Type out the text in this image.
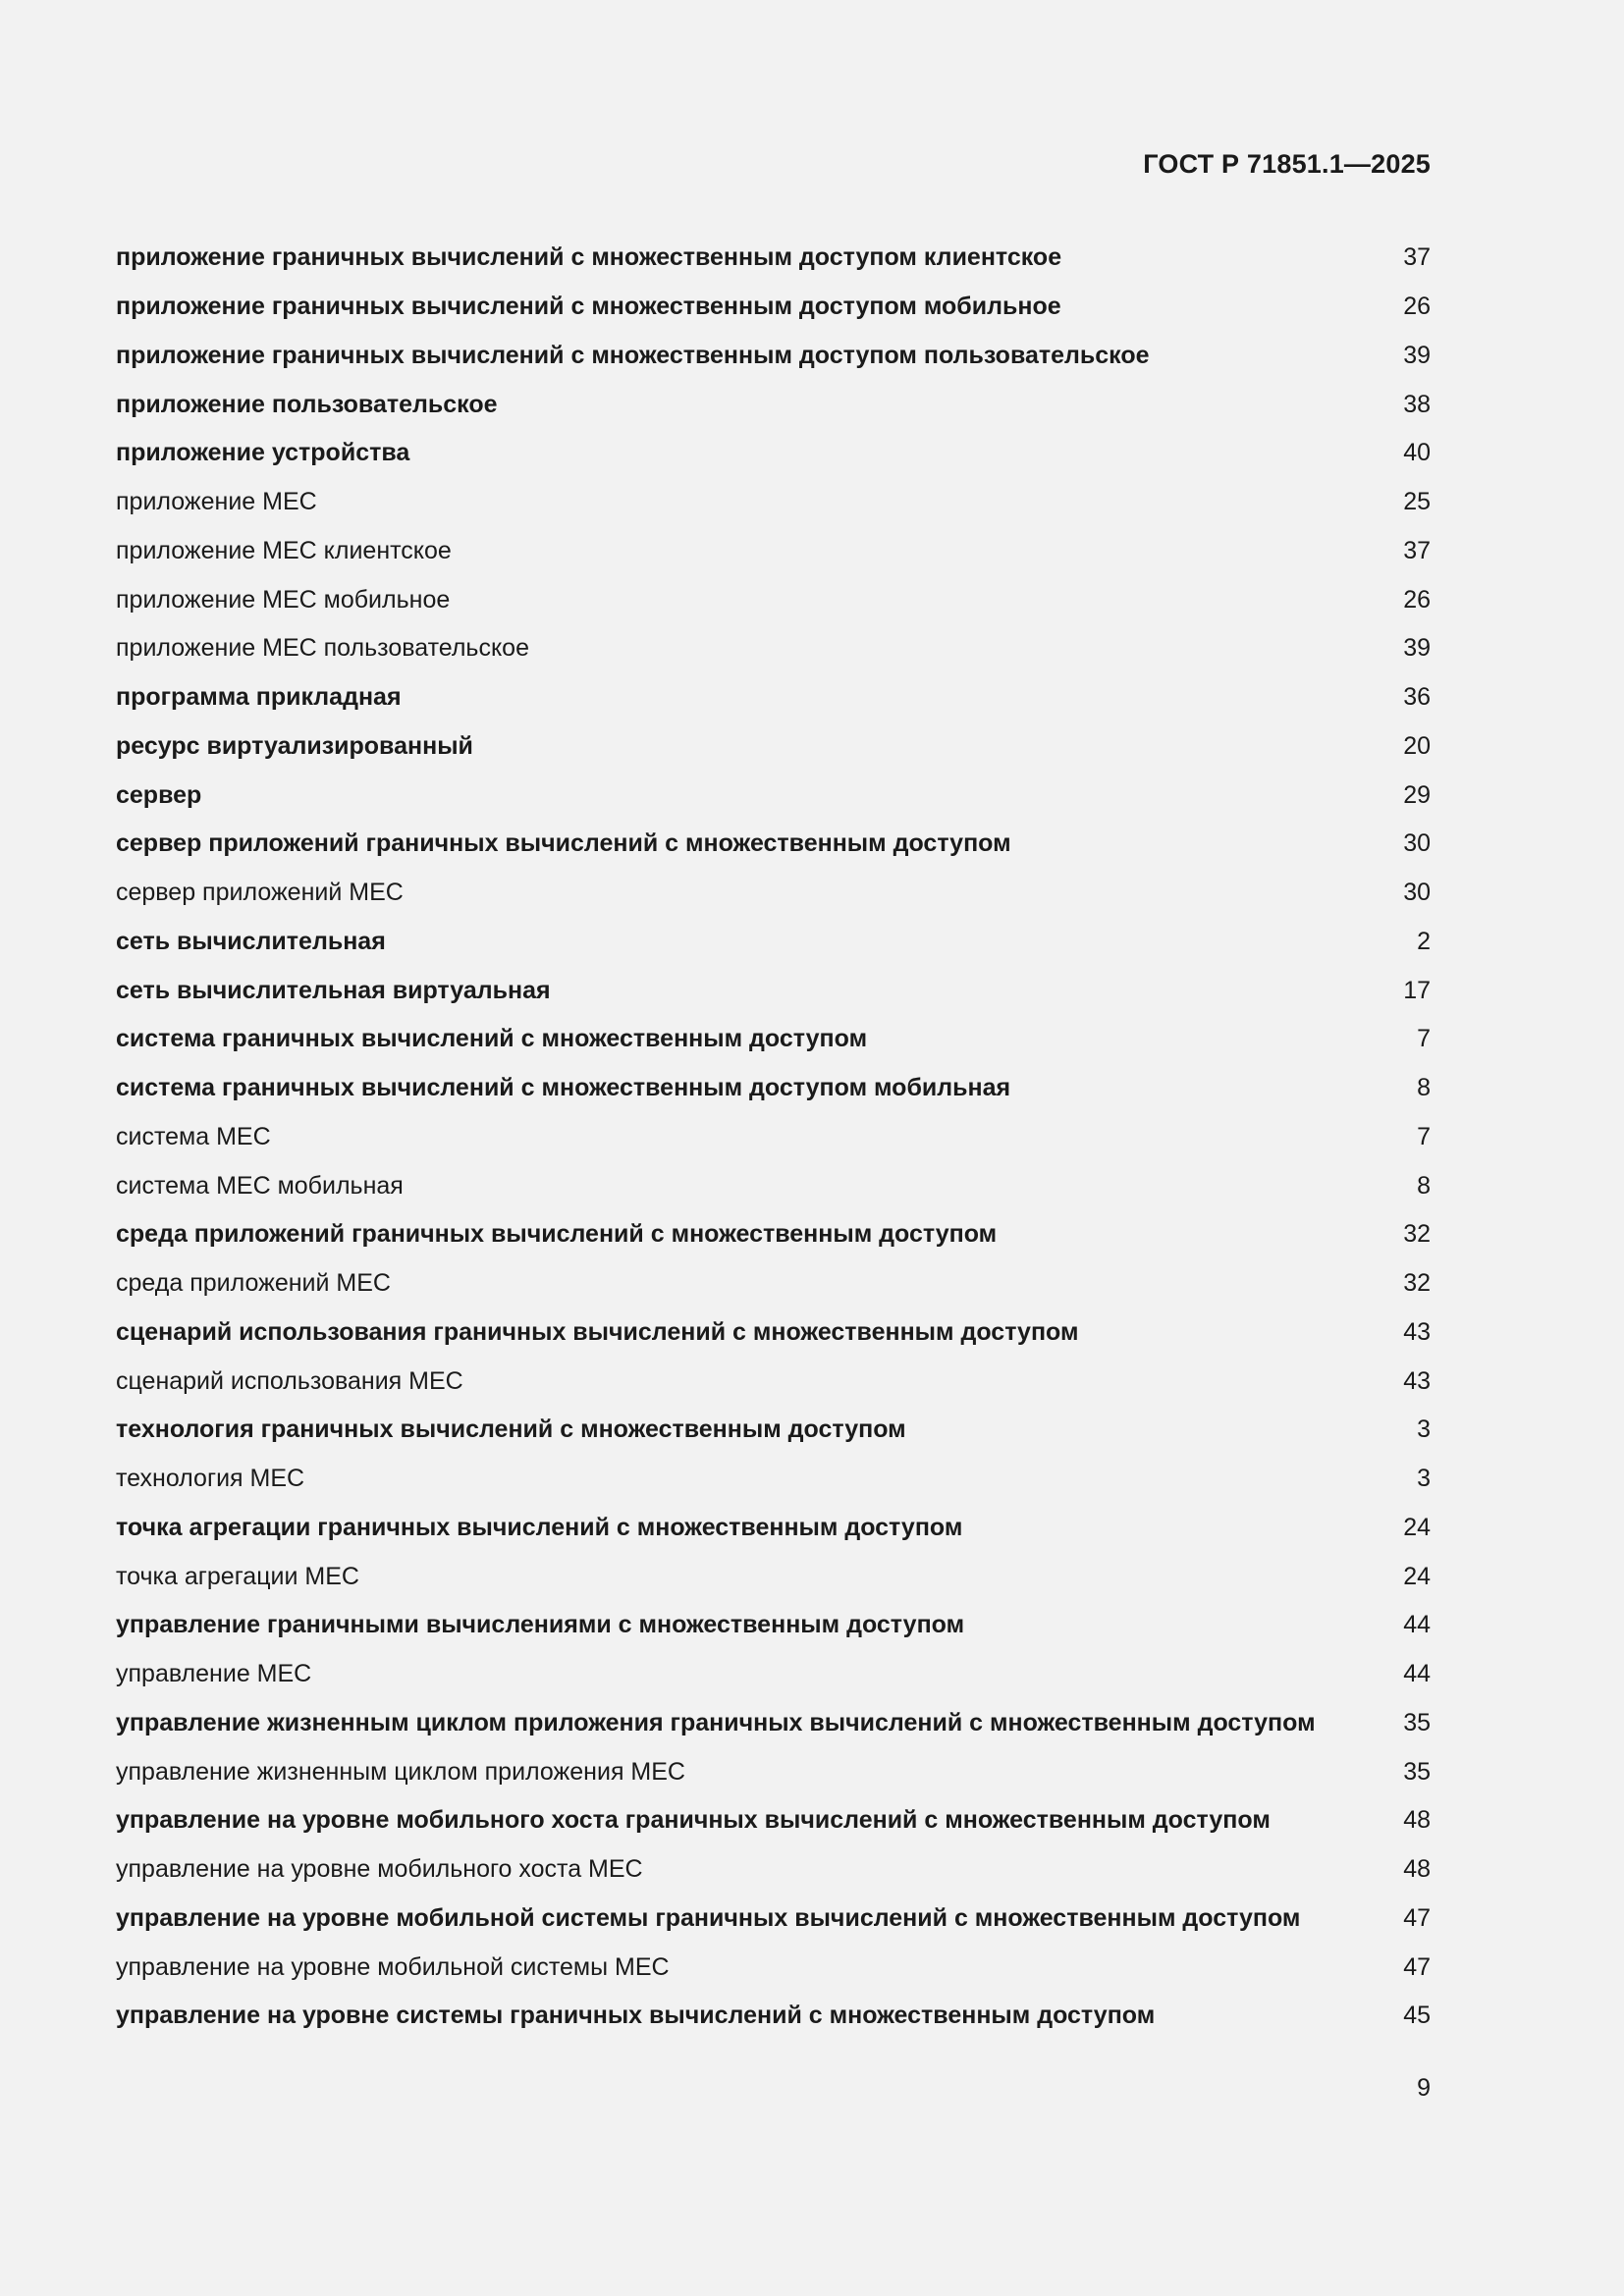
ГОСТ Р 71851.1—2025
приложение граничных вычислений с множественным доступом клиентское	37
приложение граничных вычислений с множественным доступом мобильное	26
приложение граничных вычислений с множественным доступом пользовательское	39
приложение пользовательское	38
приложение устройства	40
приложение MEC	25
приложение MEC клиентское	37
приложение MEC мобильное	26
приложение MEC пользовательское	39
программа прикладная	36
ресурс виртуализированный	20
сервер	29
сервер приложений граничных вычислений с множественным доступом	30
сервер приложений MEC	30
сеть вычислительная	2
сеть вычислительная виртуальная	17
система граничных вычислений с множественным доступом	7
система граничных вычислений с множественным доступом мобильная	8
система MEC	7
система MEC мобильная	8
среда приложений граничных вычислений с множественным доступом	32
среда приложений MEC	32
сценарий использования граничных вычислений с множественным доступом	43
сценарий использования MEC	43
технология граничных вычислений с множественным доступом	3
технология MEC	3
точка агрегации граничных вычислений с множественным доступом	24
точка агрегации MEC	24
управление граничными вычислениями с множественным доступом	44
управление MEC	44
управление жизненным циклом приложения граничных вычислений с множественным доступом	35
управление жизненным циклом приложения MEC	35
управление на уровне мобильного хоста граничных вычислений с множественным доступом	48
управление на уровне мобильного хоста MEC	48
управление на уровне мобильной системы граничных вычислений с множественным доступом	47
управление на уровне мобильной системы MEC	47
управление на уровне системы граничных вычислений с множественным доступом	45
9
